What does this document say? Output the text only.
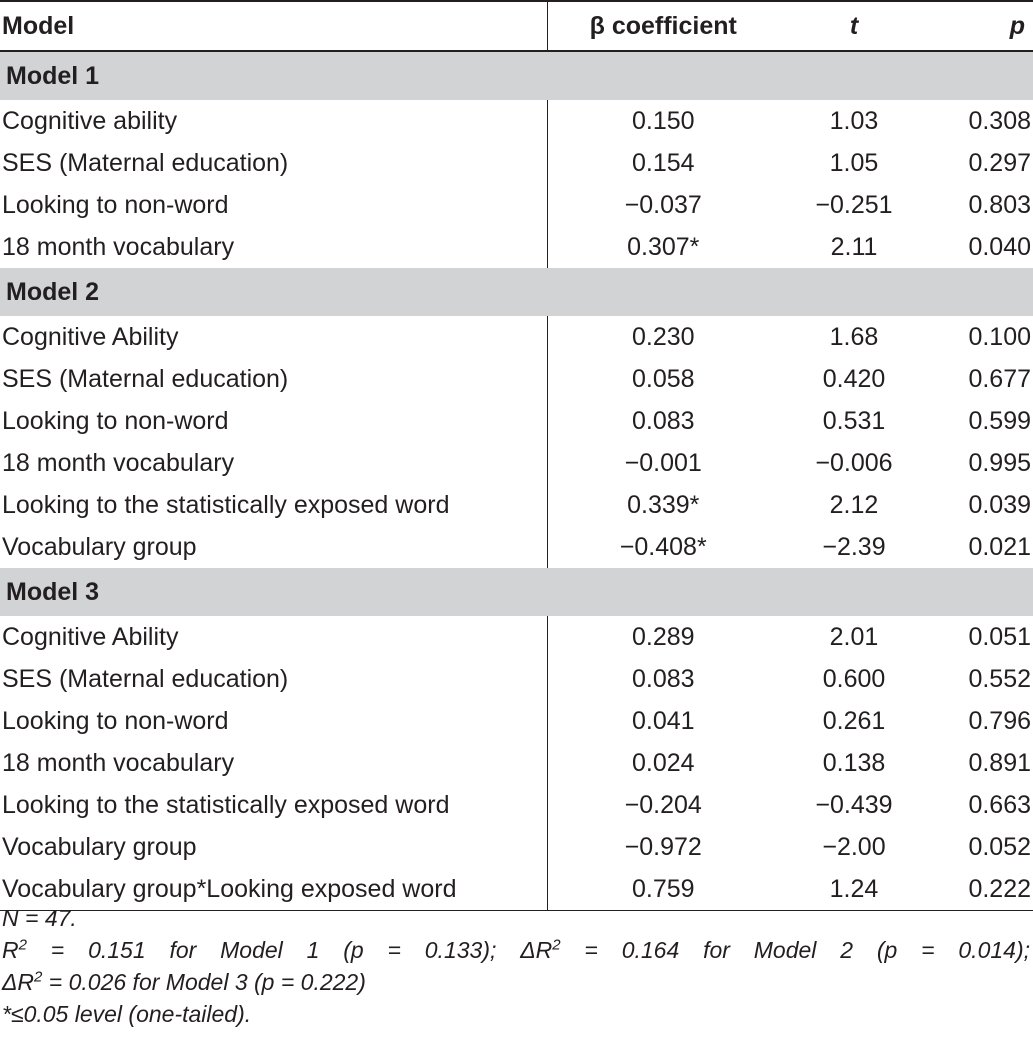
Model	β coefficient	t	p
Model 1			
Cognitive ability	0.150	1.03	0.308
SES (Maternal education)	0.154	1.05	0.297
Looking to non-word	−0.037	−0.251	0.803
18 month vocabulary	0.307*	2.11	0.040
Model 2			
Cognitive Ability	0.230	1.68	0.100
SES (Maternal education)	0.058	0.420	0.677
Looking to non-word	0.083	0.531	0.599
18 month vocabulary	−0.001	−0.006	0.995
Looking to the statistically exposed word	0.339*	2.12	0.039
Vocabulary group	−0.408*	−2.39	0.021
Model 3			
Cognitive Ability	0.289	2.01	0.051
SES (Maternal education)	0.083	0.600	0.552
Looking to non-word	0.041	0.261	0.796
18 month vocabulary	0.024	0.138	0.891
Looking to the statistically exposed word	−0.204	−0.439	0.663
Vocabulary group	−0.972	−2.00	0.052
Vocabulary group*Looking exposed word	0.759	1.24	0.222
N = 47.
$R^2 = 0.151$ for Model 1 (p = 0.133); $\Delta R^2 = 0.164$ for Model 2 (p = 0.014);
$\Delta R^2 = 0.026$ for Model 3 (p = 0.222)
*≤0.05 level (one-tailed).
